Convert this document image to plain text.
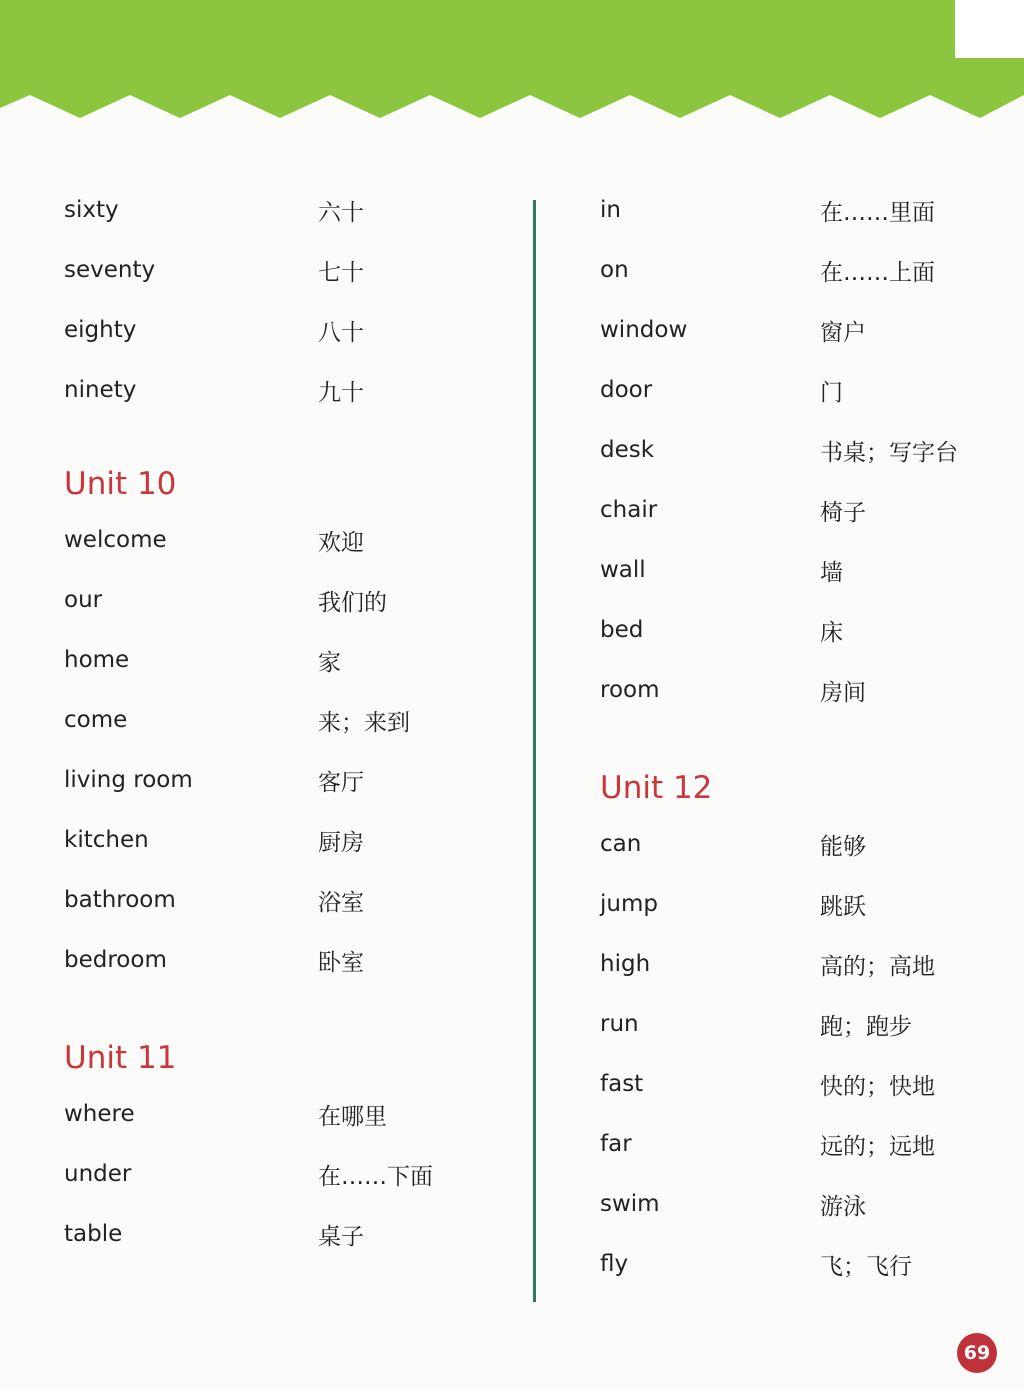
sixty	六十
seventy	七十
eighty	八十
ninety	九十
Unit 10
welcome	欢迎
our	我们的
home	家
come	来；来到
living room	客厅
kitchen	厨房
bathroom	浴室
bedroom	卧室
Unit 11
where	在哪里
under	在……下面
table	桌子
in	在……里面
on	在……上面
window	窗户
door	门
desk	书桌；写字台
chair	椅子
wall	墙
bed	床
room	房间
Unit 12
can	能够
jump	跳跃
high	高的；高地
run	跑；跑步
fast	快的；快地
far	远的；远地
swim	游泳
fly	飞；飞行
69
